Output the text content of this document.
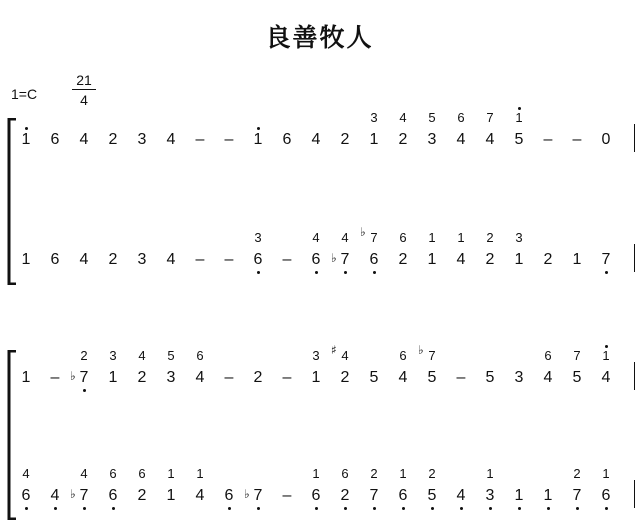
良善牧人
1=C
21
4
1	6	4	2	3	4	–	–	1	6	4	2	1
3
2
4
3
5
4
6
4
7
5
1
–	–	0
1	6	4	2	3	4	–	–	6
3
–	6
4
7
♭
4
6
7
♭
2
6
1
1
4
1
2
2
1
3
2	1	7
1	–	7
♭
2
1
3
2
4
3
5
4
6
–	2	–	1
3
2
4
♯
5	4
6
5
7
♭
–	5	3	4
6
5
7
4
1
6
4
4	7
♭
4
6
6
2
6
1
1
4
1
6	7
♭	–	6
1
2
6
7
2
6
1
5
2
4	3
1
1	1	7
2
6
1
